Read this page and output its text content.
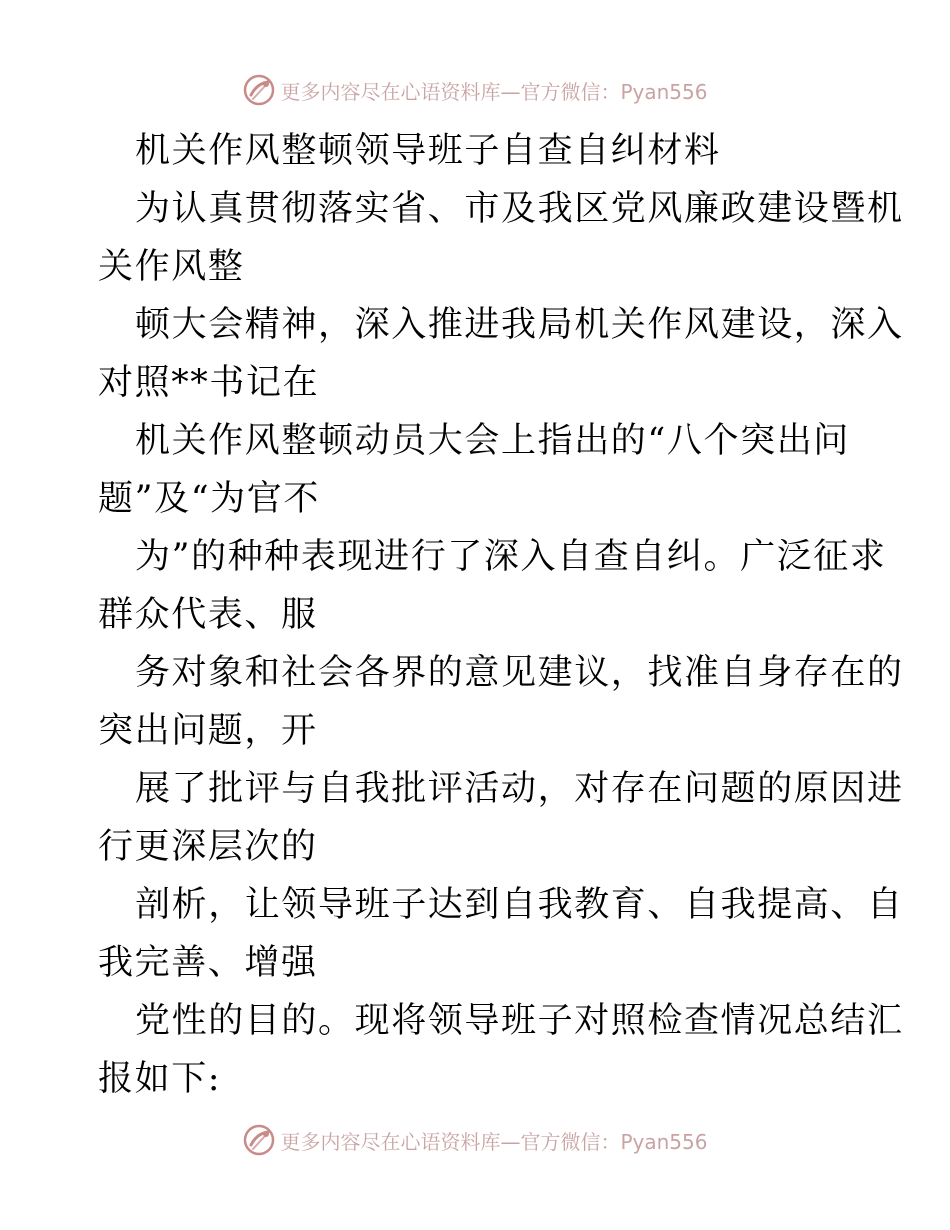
更多内容尽在心语资料库—官方微信：Pyan556
机关作风整顿领导班子自查自纠材料
为认真贯彻落实省、市及我区党风廉政建设暨机
关作风整
顿大会精神，深入推进我局机关作风建设，深入
对照**书记在
机关作风整顿动员大会上指出的“八个突出问
题”及“为官不
为”的种种表现进行了深入自查自纠。广泛征求
群众代表、服
务对象和社会各界的意见建议，找准自身存在的
突出问题，开
展了批评与自我批评活动，对存在问题的原因进
行更深层次的
剖析，让领导班子达到自我教育、自我提高、自
我完善、增强
党性的目的。现将领导班子对照检查情况总结汇
报如下:
更多内容尽在心语资料库—官方微信：Pyan556
